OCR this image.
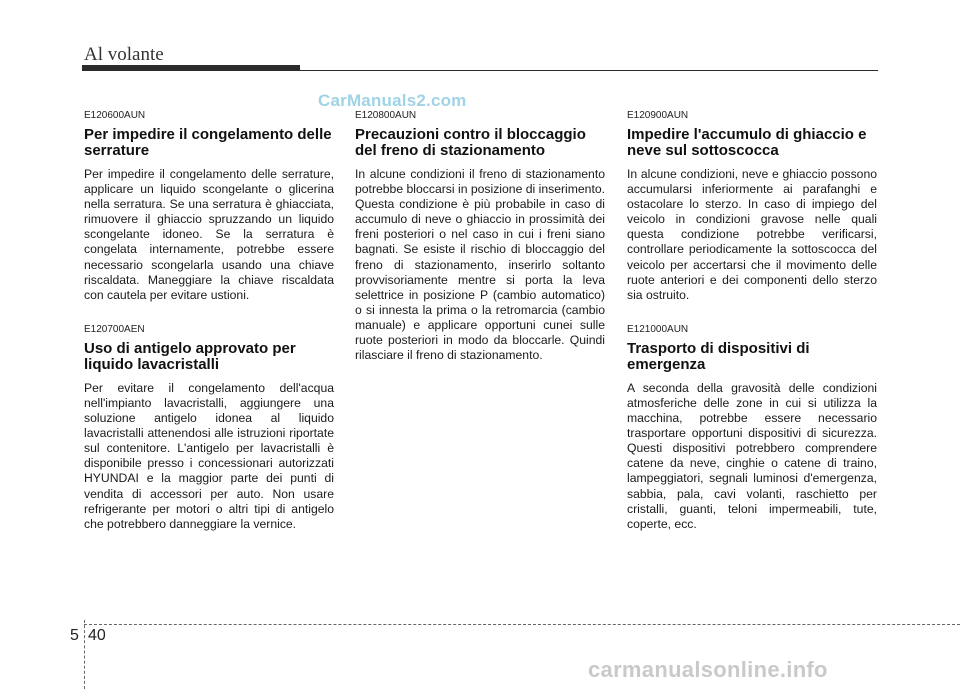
Al volante
CarManuals2.com
E120600AUN
Per impedire il congelamento delle serrature

Per impedire il congelamento delle serrature, applicare un liquido scongelante o glicerina nella serratura. Se una serratura è ghiacciata, rimuovere il ghiaccio spruzzando un liquido scongelante idoneo. Se la serratura è congelata internamente, potrebbe essere necessario scongelarla usando una chiave riscaldata. Maneggiare la chiave riscaldata con cautela per evitare ustioni.

E120700AEN
Uso di antigelo approvato per liquido lavacristalli

Per evitare il congelamento dell'acqua nell'impianto lavacristalli, aggiungere una soluzione antigelo idonea al liquido lavacristalli attenendosi alle istruzioni riportate sul contenitore. L'antigelo per lavacristalli è disponibile presso i concessionari autorizzati HYUNDAI e la maggior parte dei punti di vendita di accessori per auto. Non usare refrigerante per motori o altri tipi di antigelo che potrebbero danneggiare la vernice.

E120800AUN
Precauzioni contro il bloccaggio del freno di stazionamento

In alcune condizioni il freno di stazionamento potrebbe bloccarsi in posizione di inserimento. Questa condizione è più probabile in caso di accumulo di neve o ghiaccio in prossimità dei freni posteriori o nel caso in cui i freni siano bagnati. Se esiste il rischio di bloccaggio del freno di stazionamento, inserirlo soltanto provvisoriamente mentre si porta la leva selettrice in posizione P (cambio automatico) o si innesta la prima o la retromarcia (cambio manuale) e applicare opportuni cunei sulle ruote posteriori in modo da bloccarle. Quindi rilasciare il freno di stazionamento.

E120900AUN
Impedire l'accumulo di ghiaccio e neve sul sottoscocca

In alcune condizioni, neve e ghiaccio possono accumularsi inferiormente ai parafanghi e ostacolare lo sterzo. In caso di impiego del veicolo in condizioni gravose nelle quali questa condizione potrebbe verificarsi, controllare periodicamente la sottoscocca del veicolo per accertarsi che il movimento delle ruote anteriori e dei componenti dello sterzo sia ostruito.

E121000AUN
Trasporto di dispositivi di emergenza

A seconda della gravosità delle condizioni atmosferiche delle zone in cui si utilizza la macchina, potrebbe essere necessario trasportare opportuni dispositivi di sicurezza. Questi dispositivi potrebbero comprendere catene da neve, cinghie o catene di traino, lampeggiatori, segnali luminosi d'emergenza, sabbia, pala, cavi volanti, raschietto per cristalli, guanti, teloni impermeabili, tute, coperte, ecc.

5 40
carmanualsonline.info
